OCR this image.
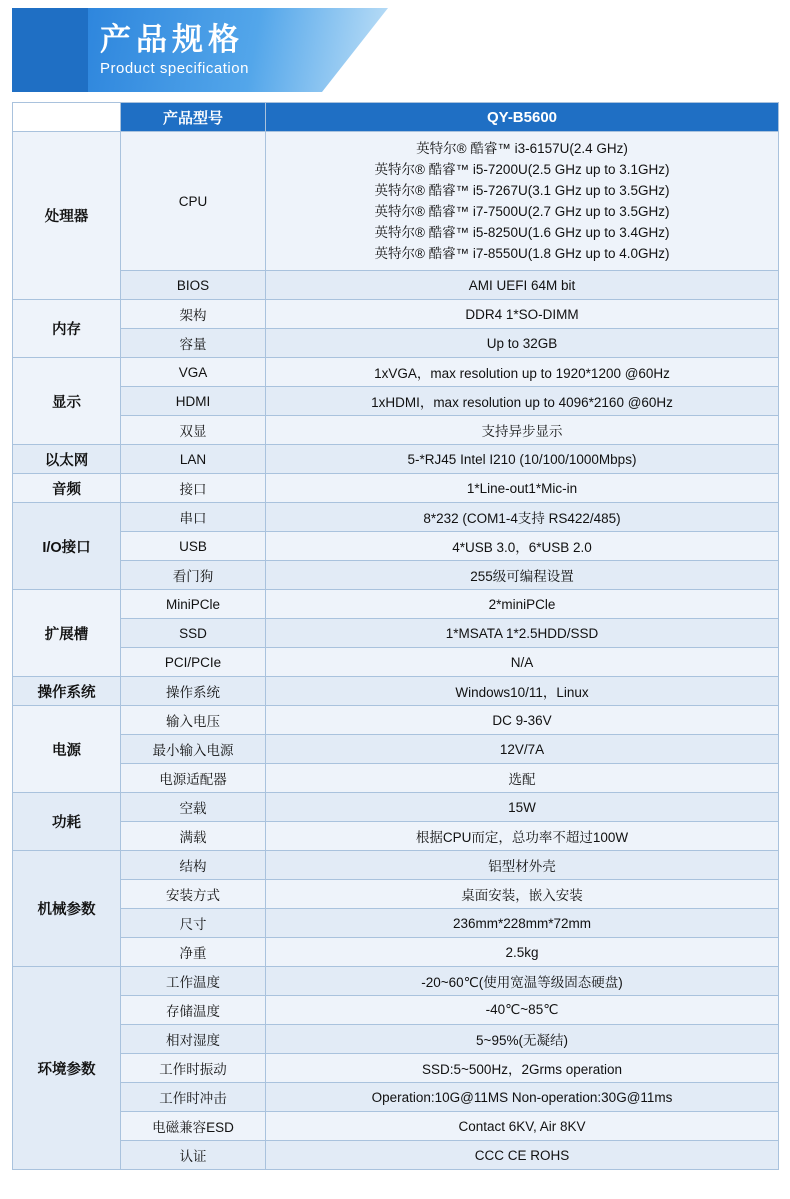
产品规格
Product specification
	产品型号	QY-B5600
处理器	CPU	
英特尔® 酷睿™ i3-6157U(2.4 GHz)
英特尔® 酷睿™ i5-7200U(2.5 GHz up to 3.1GHz)
英特尔® 酷睿™ i5-7267U(3.1 GHz up to 3.5GHz)
英特尔® 酷睿™ i7-7500U(2.7 GHz up to 3.5GHz)
英特尔® 酷睿™ i5-8250U(1.6 GHz up to 3.4GHz)
英特尔® 酷睿™ i7-8550U(1.8 GHz up to 4.0GHz)

	BIOS	AMI UEFI 64M bit
内存	架构	DDR4 1*SO-DIMM
	容量	Up to 32GB
显示	VGA	1xVGA，max resolution up to 1920*1200 @60Hz
	HDMI	1xHDMI，max resolution up to 4096*2160 @60Hz
	双显	支持异步显示
以太网	LAN	5-*RJ45 Intel I210 (10/100/1000Mbps)
音频	接口	1*Line-out1*Mic-in
I/O接口	串口	8*232 (COM1-4支持 RS422/485)
	USB	4*USB 3.0，6*USB 2.0
	看门狗	255级可编程设置
扩展槽	MiniPCle	2*miniPCle
	SSD	1*MSATA 1*2.5HDD/SSD
	PCI/PCIe	N/A
操作系统	操作系统	Windows10/11，Linux
电源	输入电压	DC 9-36V
	最小输入电源	12V/7A
	电源适配器	选配
功耗	空载	15W
	满载	根据CPU而定，总功率不超过100W
机械参数	结构	铝型材外壳
	安装方式	桌面安装，嵌入安装
	尺寸	236mm*228mm*72mm
	净重	2.5kg
环境参数	工作温度	-20~60℃(使用宽温等级固态硬盘)
	存储温度	-40℃~85℃
	相对湿度	5~95%(无凝结)
	工作时振动	SSD:5~500Hz，2Grms operation
	工作时冲击	Operation:10G@11MS Non-operation:30G@11ms
	电磁兼容ESD	Contact 6KV, Air 8KV
	认证	CCC CE ROHS
